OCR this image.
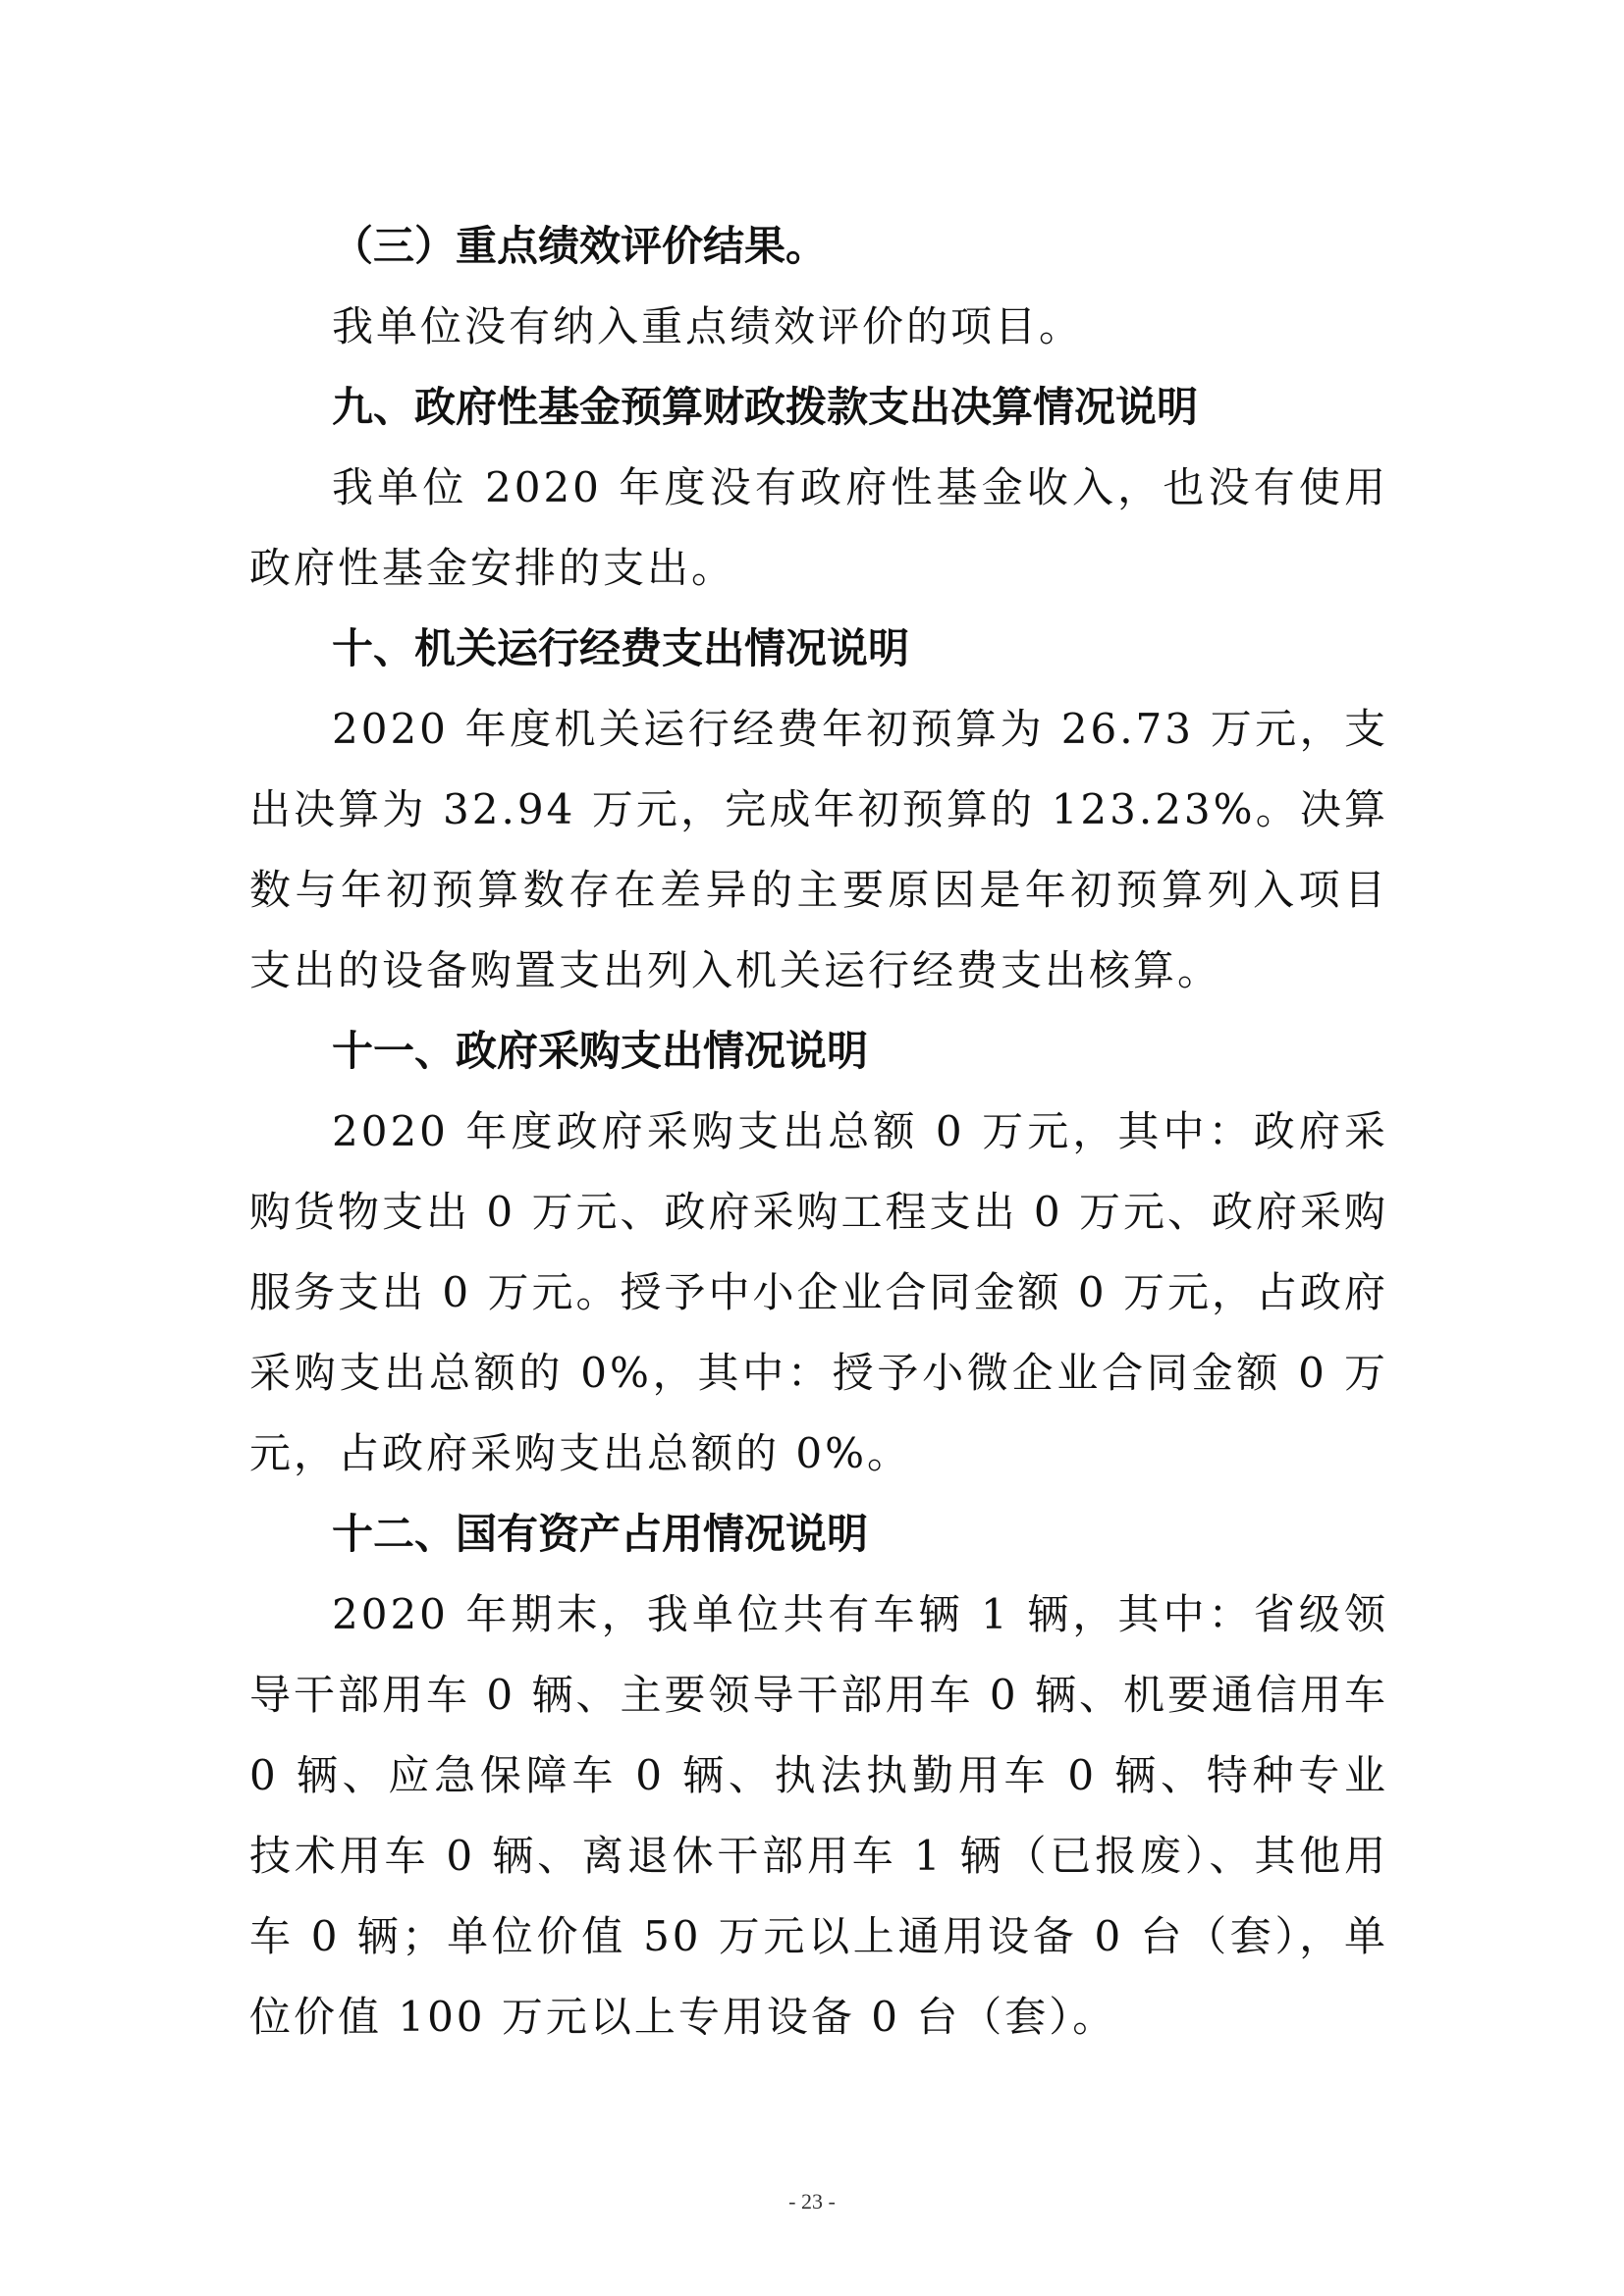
（三）重点绩效评价结果。

我单位没有纳入重点绩效评价的项目。

九、政府性基金预算财政拨款支出决算情况说明

我单位 2020 年度没有政府性基金收入，也没有使用政府性基金安排的支出。

十、机关运行经费支出情况说明

2020 年度机关运行经费年初预算为 26.73 万元，支出决算为 32.94 万元，完成年初预算的 123.23%。决算数与年初预算数存在差异的主要原因是年初预算列入项目支出的设备购置支出列入机关运行经费支出核算。

十一、政府采购支出情况说明

2020 年度政府采购支出总额 0 万元，其中：政府采购货物支出 0 万元、政府采购工程支出 0 万元、政府采购服务支出 0 万元。授予中小企业合同金额 0 万元，占政府采购支出总额的 0%，其中：授予小微企业合同金额 0 万元，占政府采购支出总额的 0%。

十二、国有资产占用情况说明

2020 年期末，我单位共有车辆 1 辆，其中：省级领导干部用车 0 辆、主要领导干部用车 0 辆、机要通信用车 0 辆、应急保障车 0 辆、执法执勤用车 0 辆、特种专业技术用车 0 辆、离退休干部用车 1 辆（已报废）、其他用车 0 辆；单位价值 50 万元以上通用设备 0 台（套），单位价值 100 万元以上专用设备 0 台（套）。

- 23 -
